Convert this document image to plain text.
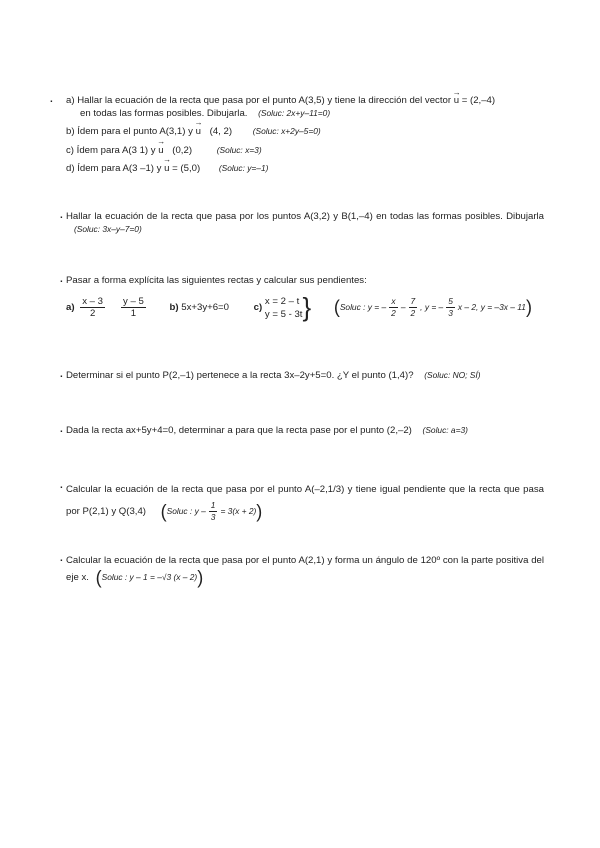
. a) Hallar la ecuación de la recta que pasa por el punto A(3,5) y tiene la dirección del vector → u = (2,–4)
en todas las formas posibles. Dibujarla. (Soluc: 2x+y–11=0)
b) Ídem para el punto A(3,1) y → u (4, 2) (Soluc: x+2y–5=0)
c) Ídem para A(3 1) y → u (0,2)	(Soluc: x=3)
d) Ídem para A(3 –1) y → u = (5,0) (Soluc: y=–1)
. Hallar la ecuación de la recta que pasa por los puntos A(3,2) y B(1,–4) en todas las formas posibles. Dibujarla (Soluc: 3x–y–7=0)
. Pasar a forma explícita las siguientes rectas y calcular sus pendientes:
$a) \frac{x - 3}{2}$
$\frac{y - 5}{1} b$) 5x+3y+6=0	c)
x = 2 – t
y = 5 - 3t } (Soluc : y = – $\frac{x}{2} - \frac{7}{2}$ , y = – $\frac{5}{3}$ x – 2, y = –3x – 11)
. Determinar si el punto P(2,–1) pertenece a la recta 3x–2y+5=0. ¿Y el punto (1,4)? (Soluc: NO; SÍ)
. Dada la recta ax+5y+4=0, determinar a para que la recta pase por el punto (2,–2) (Soluc: a=3)
. Calcular la ecuación de la recta que pasa por el punto A(–2,1/3) y tiene igual pendiente que la recta que pasa por P(2,1) y Q(3,4) (Soluc : $y - \frac{1}{3} = 3(x + 2)$)
. Calcular la ecuación de la recta que pasa por el punto A(2,1) y forma un ángulo de 120º con la parte positiva del eje x. (Soluc : y – 1 = –√3 (x – 2))
